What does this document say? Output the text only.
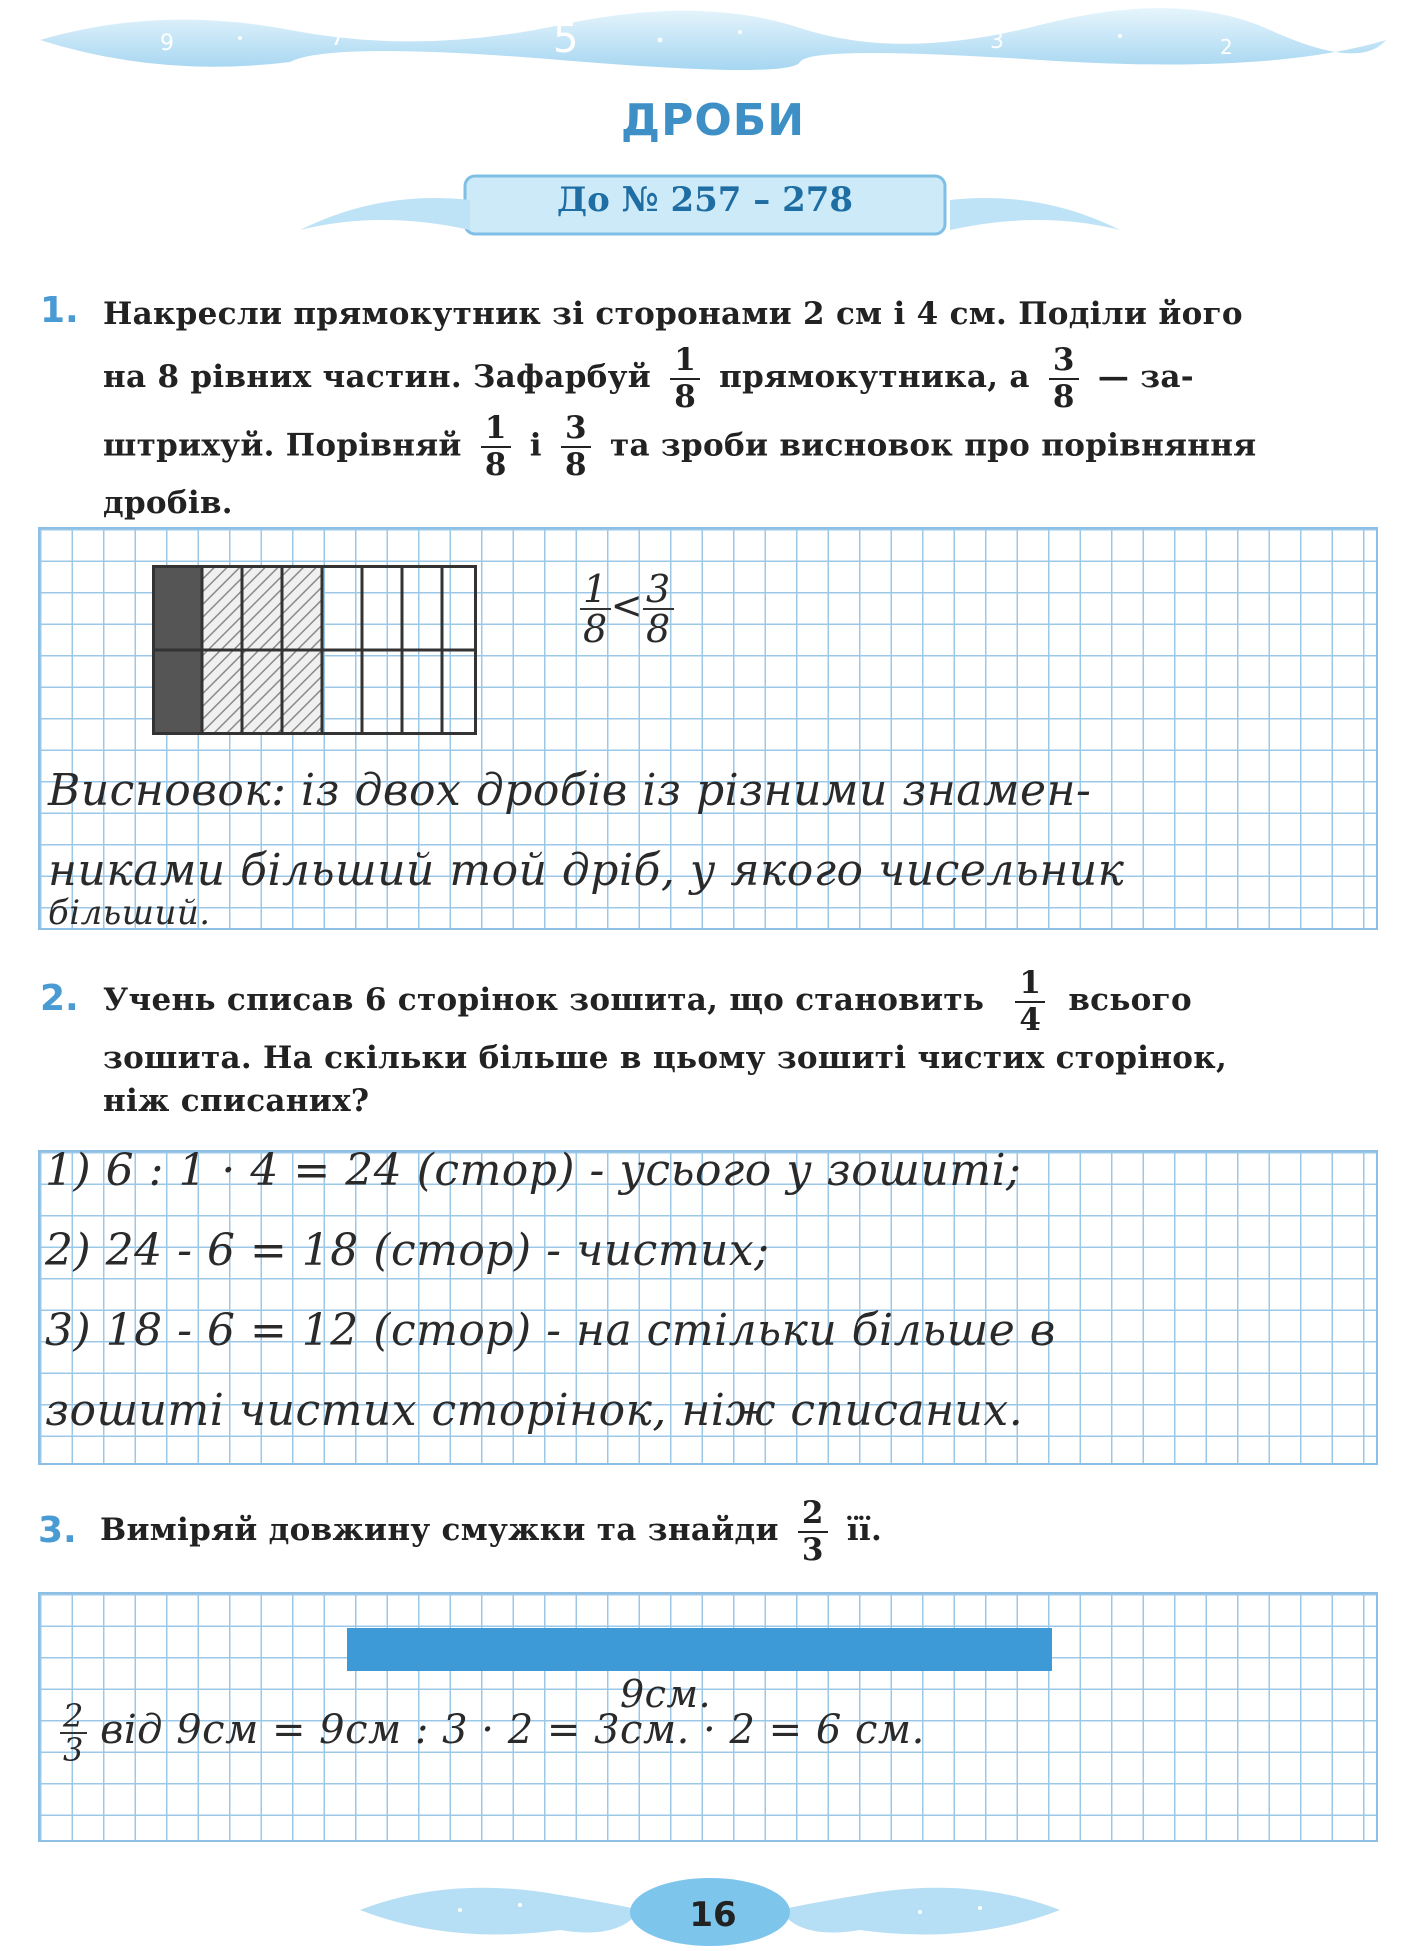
9	7	5	3	2
ДРОБИ
До № 257 – 278
1. Накресли прямокутник зі сторонами 2 см і 4 см. Поділи його
на 8 рівних частин. Зафарбуй $\frac{1}{8}$ прямокутника, а $\frac{3}{8}$ — за-
штрихуй. Порівняй $\frac{1}{8}$ і $\frac{3}{8}$ та зроби висновок про порівняння
дробів.
$\frac{1}{8}< \frac{3}{8}$
Висновок: із двох дробів із різними знамен-
никами більший той дріб, у якого чисельник
більший.
2. Учень списав 6 сторінок зошита, що становить $\frac{1}{4}$ всього
зошита. На скільки більше в цьому зошиті чистих сторінок,
ніж списаних?
1) 6 : 1 · 4 = 24 (стор) - усього у зошиті;
2) 24 - 6 = 18 (стор) - чистих;
3) 18 - 6 = 12 (стор) - на стільки більше в
зошиті чистих сторінок, ніж списаних.
3. Виміряй довжину смужки та знайди $\frac{2}{3}$ її.
9см.
$\frac{2}{3}$ від 9см = 9см : 3 · 2 = 3см. · 2 = 6 см.
16
